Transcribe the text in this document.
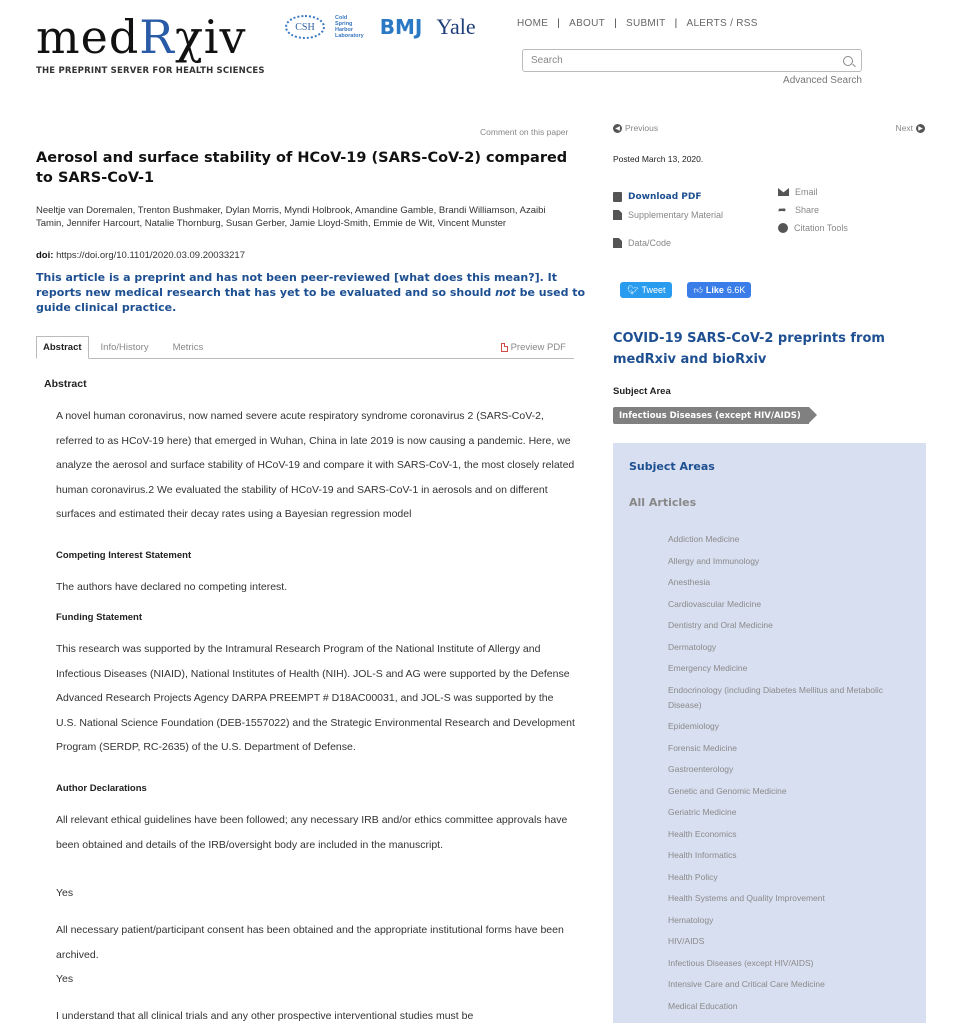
medRχiv
THE PREPRINT SERVER FOR HEALTH SCIENCES
CSH
Cold
Spring
Harbor
Laboratory BMJ Yale	HOME | ABOUT | SUBMIT | ALERTS / RSS
Search
Advanced Search
Comment on this paper
Aerosol and surface stability of HCoV-19 (SARS-CoV-2) compared to SARS-CoV-1
Neeltje van Doremalen, Trenton Bushmaker, Dylan Morris, Myndi Holbrook, Amandine Gamble, Brandi Williamson, Azaibi Tamin, Jennifer Harcourt, Natalie Thornburg, Susan Gerber, Jamie Lloyd-Smith, Emmie de Wit, Vincent Munster
doi: https://doi.org/10.1101/2020.03.09.20033217
This article is a preprint and has not been peer-reviewed [what does this mean?]. It reports new medical research that has yet to be evaluated and so should not be used to guide clinical practice.
Abstract	Info/History	Metrics	Preview PDF
Abstract

A novel human coronavirus, now named severe acute respiratory syndrome coronavirus 2 (SARS-CoV-2, referred to as HCoV-19 here) that emerged in Wuhan, China in late 2019 is now causing a pandemic. Here, we analyze the aerosol and surface stability of HCoV-19 and compare it with SARS-CoV-1, the most closely related human coronavirus.2 We evaluated the stability of HCoV-19 and SARS-CoV-1 in aerosols and on different surfaces and estimated their decay rates using a Bayesian regression model

Competing Interest Statement

The authors have declared no competing interest.

Funding Statement

This research was supported by the Intramural Research Program of the National Institute of Allergy and Infectious Diseases (NIAID), National Institutes of Health (NIH). JOL-S and AG were supported by the Defense Advanced Research Projects Agency DARPA PREEMPT # D18AC00031, and JOL-S was supported by the U.S. National Science Foundation (DEB-1557022) and the Strategic Environmental Research and Development Program (SERDP, RC-2635) of the U.S. Department of Defense.

Author Declarations

All relevant ethical guidelines have been followed; any necessary IRB and/or ethics committee approvals have been obtained and details of the IRB/oversight body are included in the manuscript.

Yes

All necessary patient/participant consent has been obtained and the appropriate institutional forms have been archived.

Yes

I understand that all clinical trials and any other prospective interventional studies must be

◀ Previous	Next ▶
Posted March 13, 2020.
Download PDF
Supplementary Material
Data/Code
Email
➦ Share
Citation Tools
🐦︎ Tweet	👍︎ Like 6.6K
COVID-19 SARS-CoV-2 preprints from medRxiv and bioRxiv
Subject Area
Infectious Diseases (except HIV/AIDS)
Subject Areas
All Articles
Addiction Medicine
Allergy and Immunology
Anesthesia
Cardiovascular Medicine
Dentistry and Oral Medicine
Dermatology
Emergency Medicine
Endocrinology (including Diabetes Mellitus and Metabolic Disease)
Epidemiology
Forensic Medicine
Gastroenterology
Genetic and Genomic Medicine
Geriatric Medicine
Health Economics
Health Informatics
Health Policy
Health Systems and Quality Improvement
Hematology
HIV/AIDS
Infectious Diseases (except HIV/AIDS)
Intensive Care and Critical Care Medicine
Medical Education
